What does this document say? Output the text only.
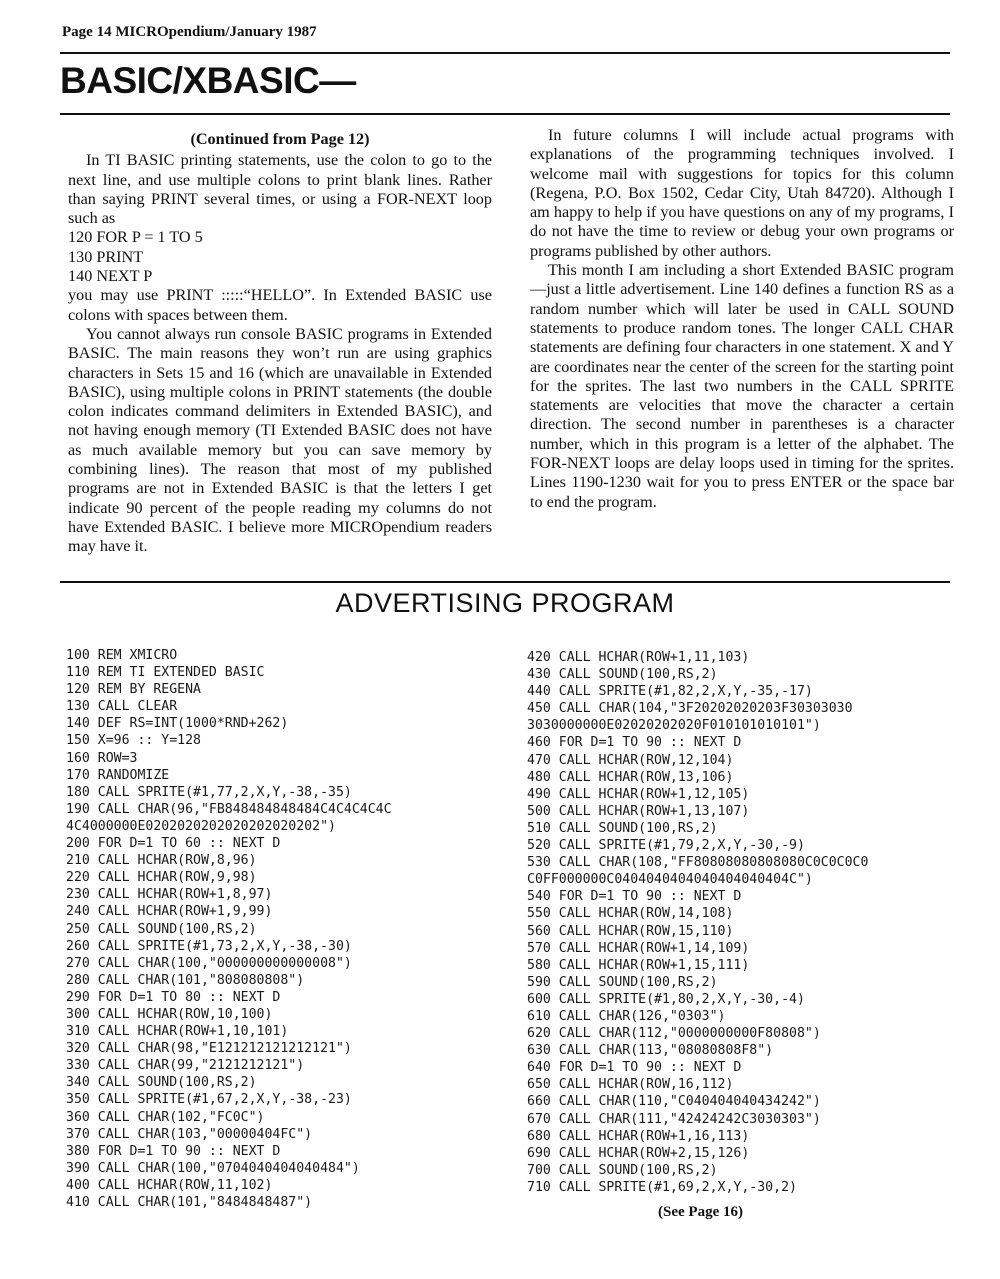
Page 14 MICROpendium/January 1987
BASIC/XBASIC—
(Continued from Page 12)

In TI BASIC printing statements, use the colon to go to the next line, and use multiple colons to print blank lines. Rather than saying PRINT several times, or using a FOR-NEXT loop such as

120 FOR P = 1 TO 5

130 PRINT

140 NEXT P

you may use PRINT :::::“HELLO”. In Extended BASIC use colons with spaces between them.

You cannot always run console BASIC programs in Extended BASIC. The main reasons they won’t run are using graphics characters in Sets 15 and 16 (which are unavailable in Extended BASIC), using multiple colons in PRINT statements (the double colon indicates command delimiters in Extended BASIC), and not having enough memory (TI Extended BASIC does not have as much available memory but you can save memory by combining lines). The reason that most of my published programs are not in Extended BASIC is that the letters I get indicate 90 percent of the people reading my columns do not have Extended BASIC. I believe more MICROpendium readers may have it.

In future columns I will include actual programs with explanations of the programming techniques involved. I welcome mail with suggestions for topics for this column (Regena, P.O. Box 1502, Cedar City, Utah 84720). Although I am happy to help if you have questions on any of my programs, I do not have the time to review or debug your own programs or programs published by other authors.

This month I am including a short Extended BASIC program—just a little advertisement. Line 140 defines a function RS as a random number which will later be used in CALL SOUND statements to produce random tones. The longer CALL CHAR statements are defining four characters in one statement. X and Y are coordinates near the center of the screen for the starting point for the sprites. The last two numbers in the CALL SPRITE statements are velocities that move the character a certain direction. The second number in parentheses is a character number, which in this program is a letter of the alphabet. The FOR-NEXT loops are delay loops used in timing for the sprites. Lines 1190-1230 wait for you to press ENTER or the space bar to end the program.

ADVERTISING PROGRAM
100 REM XMICRO
110 REM TI EXTENDED BASIC
120 REM BY REGENA
130 CALL CLEAR
140 DEF RS=INT(1000*RND+262)
150 X=96 :: Y=128
160 ROW=3
170 RANDOMIZE
180 CALL SPRITE(#1,77,2,X,Y,-38,-35)
190 CALL CHAR(96,"FB848484848484C4C4C4C4C
4C4000000E0202020202020202020202")
200 FOR D=1 TO 60 :: NEXT D
210 CALL HCHAR(ROW,8,96)
220 CALL HCHAR(ROW,9,98)
230 CALL HCHAR(ROW+1,8,97)
240 CALL HCHAR(ROW+1,9,99)
250 CALL SOUND(100,RS,2)
260 CALL SPRITE(#1,73,2,X,Y,-38,-30)
270 CALL CHAR(100,"000000000000008")
280 CALL CHAR(101,"808080808")
290 FOR D=1 TO 80 :: NEXT D
300 CALL HCHAR(ROW,10,100)
310 CALL HCHAR(ROW+1,10,101)
320 CALL CHAR(98,"E121212121212121")
330 CALL CHAR(99,"2121212121")
340 CALL SOUND(100,RS,2)
350 CALL SPRITE(#1,67,2,X,Y,-38,-23)
360 CALL CHAR(102,"FC0C")
370 CALL CHAR(103,"00000404FC")
380 FOR D=1 TO 90 :: NEXT D
390 CALL CHAR(100,"0704040404040484")
400 CALL HCHAR(ROW,11,102)
410 CALL CHAR(101,"8484848487")
420 CALL HCHAR(ROW+1,11,103)
430 CALL SOUND(100,RS,2)
440 CALL SPRITE(#1,82,2,X,Y,-35,-17)
450 CALL CHAR(104,"3F20202020203F30303030
3030000000E02020202020F010101010101")
460 FOR D=1 TO 90 :: NEXT D
470 CALL HCHAR(ROW,12,104)
480 CALL HCHAR(ROW,13,106)
490 CALL HCHAR(ROW+1,12,105)
500 CALL HCHAR(ROW+1,13,107)
510 CALL SOUND(100,RS,2)
520 CALL SPRITE(#1,79,2,X,Y,-30,-9)
530 CALL CHAR(108,"FF80808080808080C0C0C0C0
C0FF000000C0404040404040404040404C")
540 FOR D=1 TO 90 :: NEXT D
550 CALL HCHAR(ROW,14,108)
560 CALL HCHAR(ROW,15,110)
570 CALL HCHAR(ROW+1,14,109)
580 CALL HCHAR(ROW+1,15,111)
590 CALL SOUND(100,RS,2)
600 CALL SPRITE(#1,80,2,X,Y,-30,-4)
610 CALL CHAR(126,"0303")
620 CALL CHAR(112,"0000000000F80808")
630 CALL CHAR(113,"08080808F8")
640 FOR D=1 TO 90 :: NEXT D
650 CALL HCHAR(ROW,16,112)
660 CALL CHAR(110,"C040404040434242")
670 CALL CHAR(111,"42424242C3030303")
680 CALL HCHAR(ROW+1,16,113)
690 CALL HCHAR(ROW+2,15,126)
700 CALL SOUND(100,RS,2)
710 CALL SPRITE(#1,69,2,X,Y,-30,2)
(See Page 16)
